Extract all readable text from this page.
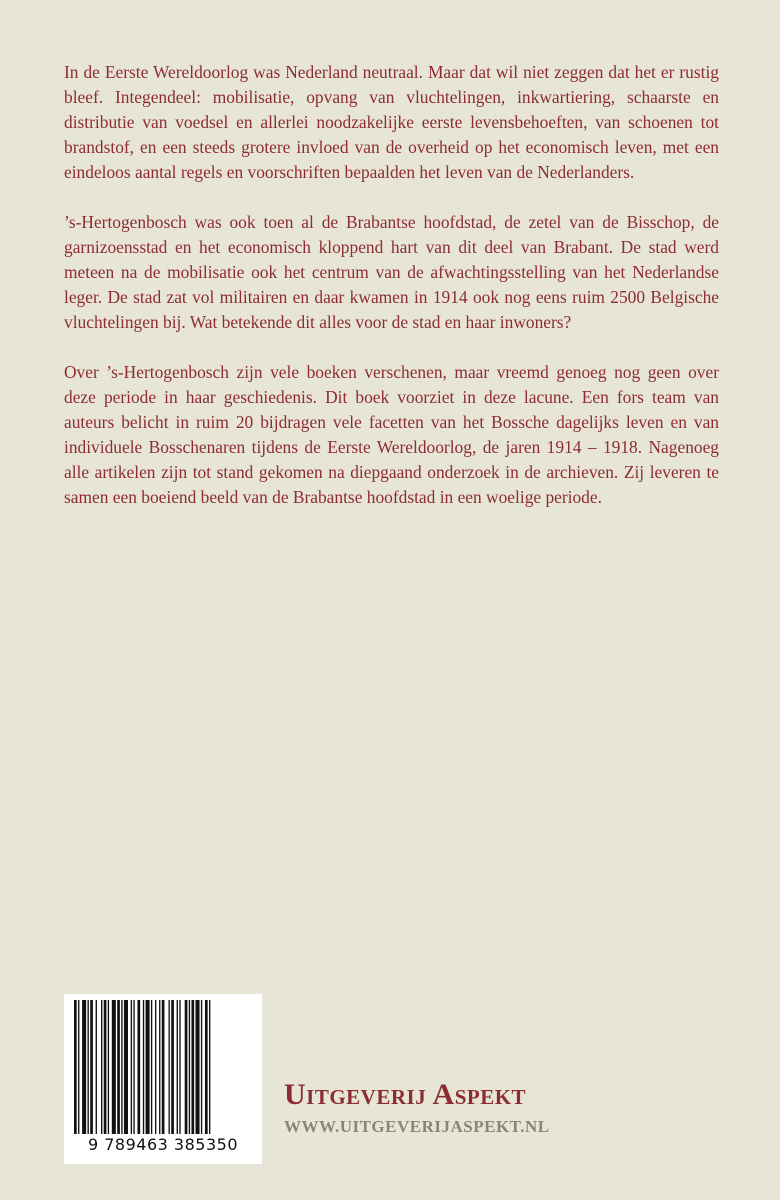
In de Eerste Wereldoorlog was Nederland neutraal. Maar dat wil niet zeggen dat het er rustig bleef. Integendeel: mobilisatie, opvang van vluchtelingen, inkwartiering, schaarste en distributie van voedsel en allerlei noodzakelijke eerste levensbehoeften, van schoenen tot brandstof, en een steeds grotere invloed van de overheid op het economisch leven, met een eindeloos aantal regels en voorschriften bepaalden het leven van de Nederlanders.

’s-Hertogenbosch was ook toen al de Brabantse hoofdstad, de zetel van de Bisschop, de garnizoensstad en het economisch kloppend hart van dit deel van Brabant. De stad werd meteen na de mobilisatie ook het centrum van de afwachtingsstelling van het Nederlandse leger. De stad zat vol militairen en daar kwamen in 1914 ook nog eens ruim 2500 Belgische vluchtelingen bij. Wat betekende dit alles voor de stad en haar inwoners?

Over ’s-Hertogenbosch zijn vele boeken verschenen, maar vreemd genoeg nog geen over deze periode in haar geschiedenis. Dit boek voorziet in deze lacune. Een fors team van auteurs belicht in ruim 20 bijdragen vele facetten van het Bossche dagelijks leven en van individuele Bosschenaren tijdens de Eerste Wereldoorlog, de jaren 1914 – 1918. Nagenoeg alle artikelen zijn tot stand gekomen na diepgaand onderzoek in de archieven. Zij leveren te samen een boeiend beeld van de Brabantse hoofdstad in een woelige periode.

9 789463 385350
Uitgeverij Aspekt
WWW.UITGEVERIJASPEKT.NL
